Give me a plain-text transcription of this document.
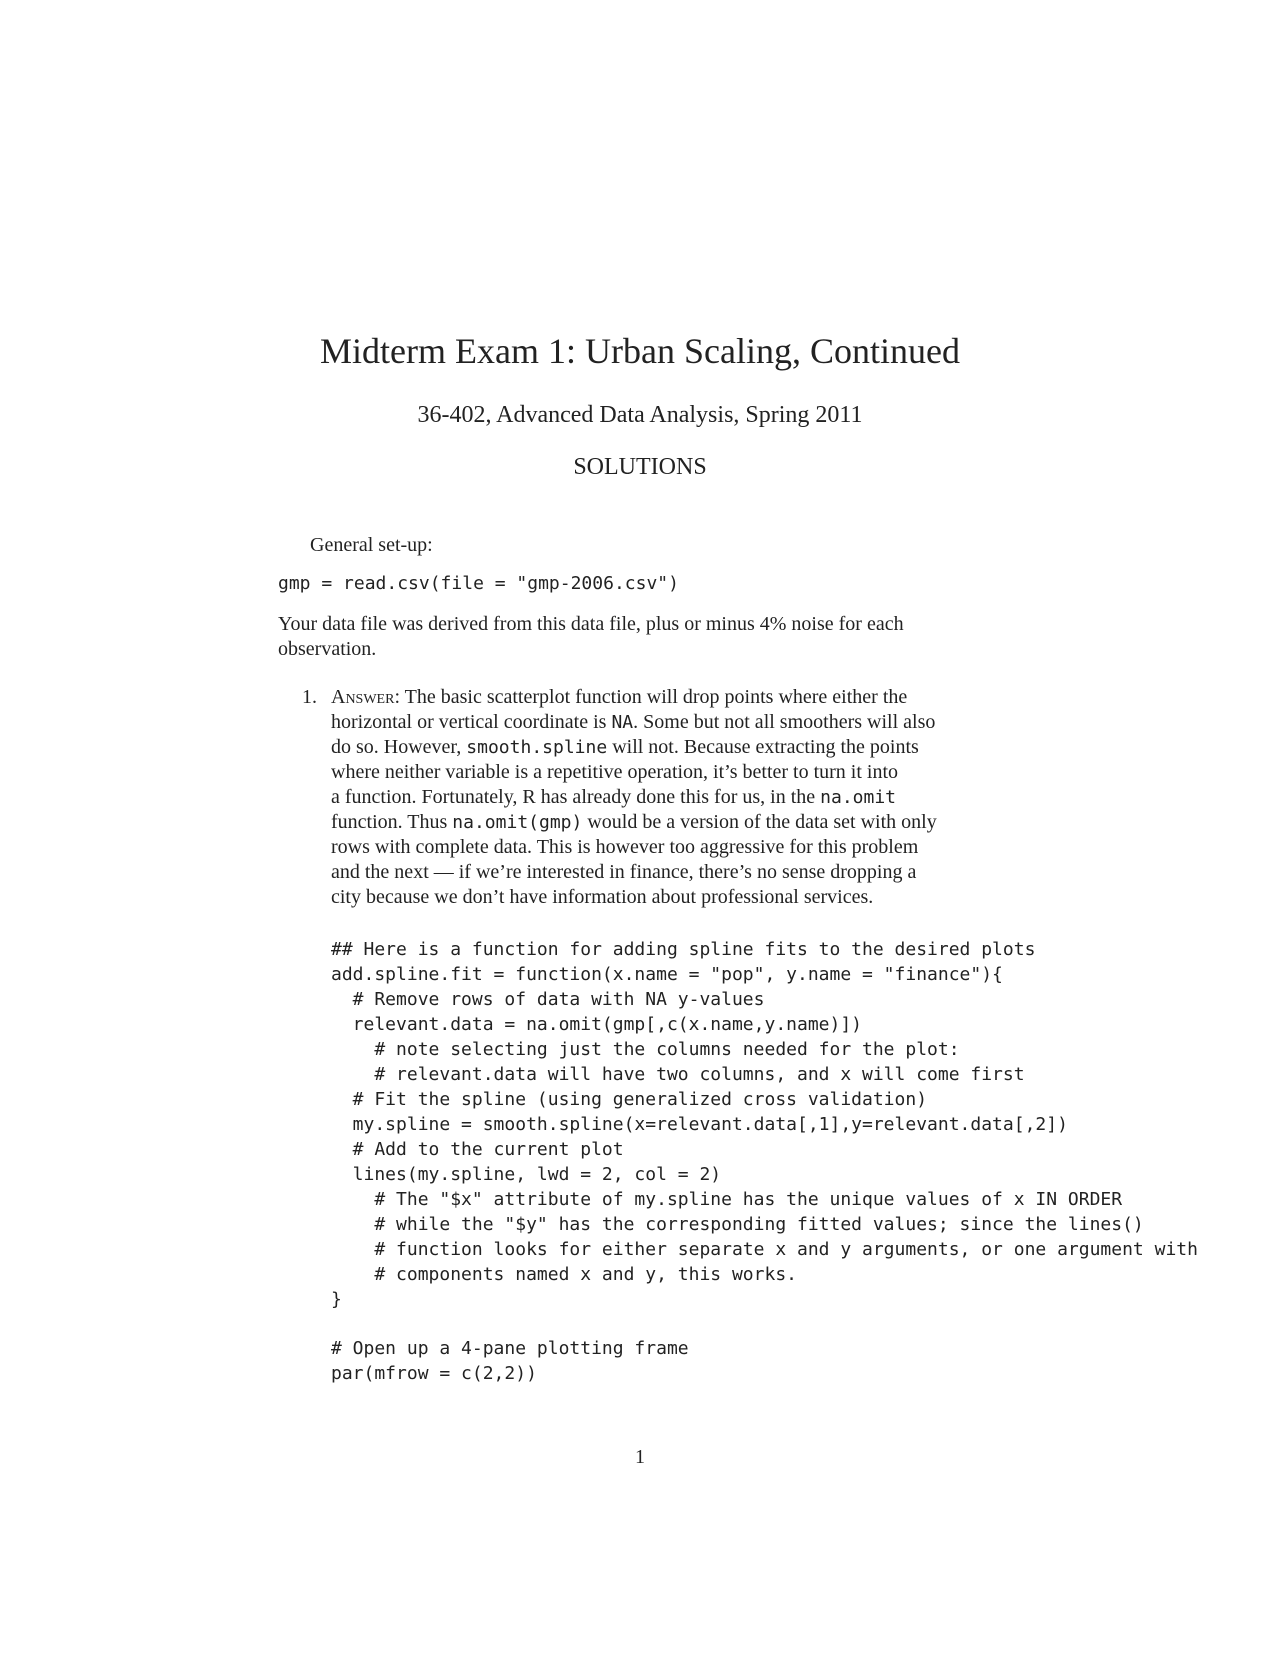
Midterm Exam 1: Urban Scaling, Continued

36-402, Advanced Data Analysis, Spring 2011

SOLUTIONS

General set-up:

gmp = read.csv(file = "gmp-2006.csv")

Your data file was derived from this data file, plus or minus 4% noise for each
observation.

1. Answer: The basic scatterplot function will drop points where either the
horizontal or vertical coordinate is NA. Some but not all smoothers will also
do so. However, smooth.spline will not. Because extracting the points
where neither variable is a repetitive operation, it’s better to turn it into
a function. Fortunately, R has already done this for us, in the na.omit
function. Thus na.omit(gmp) would be a version of the data set with only
rows with complete data. This is however too aggressive for this problem
and the next — if we’re interested in finance, there’s no sense dropping a
city because we don’t have information about professional services.

## Here is a function for adding spline fits to the desired plots
add.spline.fit = function(x.name = "pop", y.name = "finance"){
# Remove rows of data with NA y-values
relevant.data = na.omit(gmp[,c(x.name,y.name)])
# note selecting just the columns needed for the plot:
# relevant.data will have two columns, and x will come first
# Fit the spline (using generalized cross validation)
my.spline = smooth.spline(x=relevant.data[,1],y=relevant.data[,2])
# Add to the current plot
lines(my.spline, lwd = 2, col = 2)
# The "$x" attribute of my.spline has the unique values of x IN ORDER
# while the "$y" has the corresponding fitted values; since the lines()
# function looks for either separate x and y arguments, or one argument with
# components named x and y, this works.
}
# Open up a 4-pane plotting frame
par(mfrow = c(2,2))

1
